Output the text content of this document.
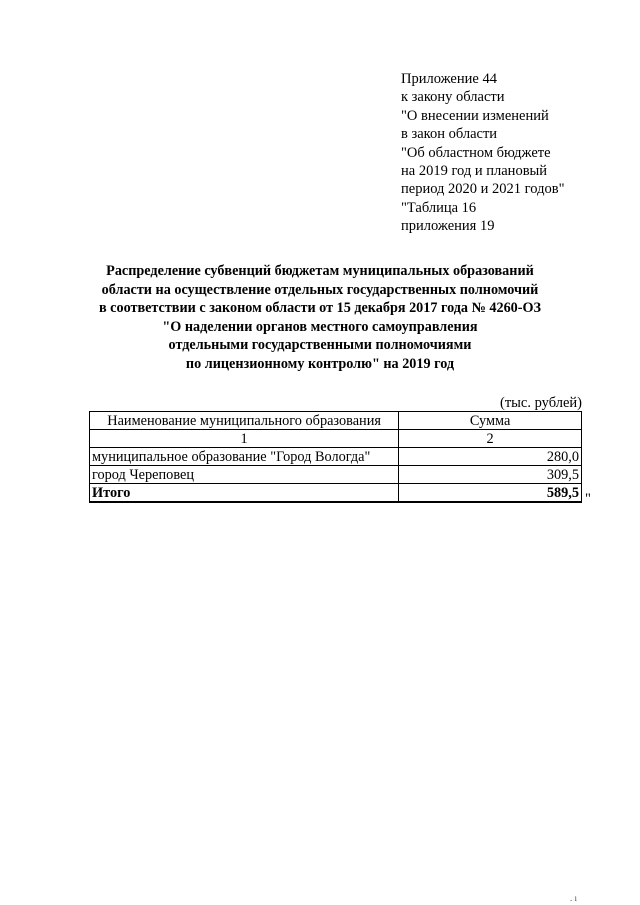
Приложение 44
к закону области
"О внесении изменений
в закон области
"Об областном бюджете
на 2019 год и плановый
период 2020 и 2021 годов"
"Таблица 16
приложения 19
Распределение субвенций бюджетам муниципальных образований
области на осуществление отдельных государственных полномочий
в соответствии с законом области от 15 декабря 2017 года № 4260-ОЗ
"О наделении органов местного самоуправления
отдельными государственными полномочиями
по лицензионному контролю" на 2019 год
(тыс. рублей)
Наименование муниципального образования	Сумма
1	2
муниципальное образование "Город Вологда"	280,0
город Череповец	309,5
Итого	589,5 "
. ı
